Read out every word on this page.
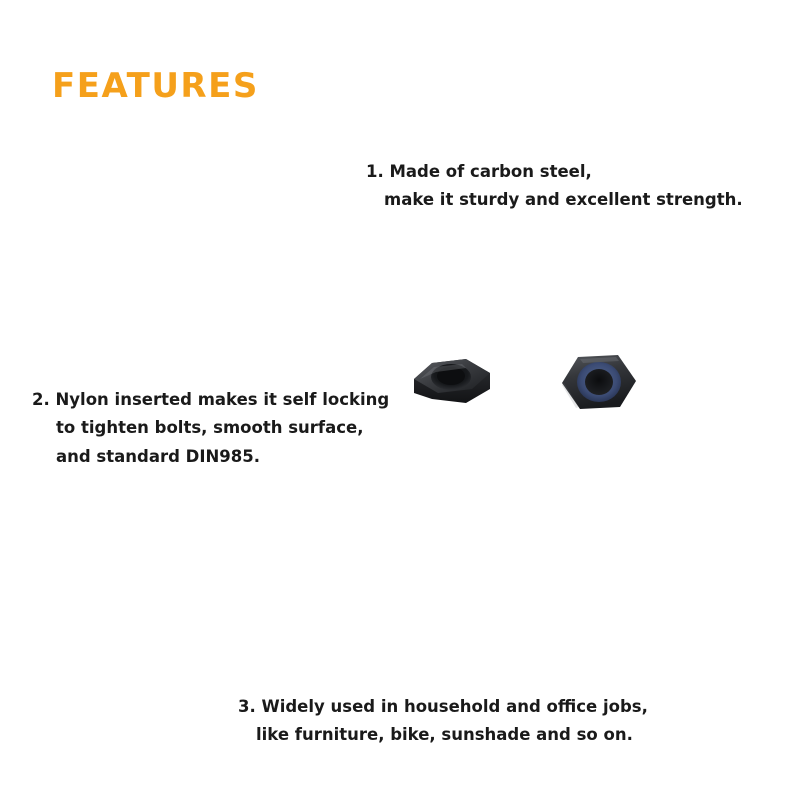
FEATURES
1. Made of carbon steel,
make it sturdy and excellent strength.
2. Nylon inserted makes it self locking
to tighten bolts, smooth surface,
and standard DIN985.
3. Widely used in household and office jobs,
like furniture, bike, sunshade and so on.
